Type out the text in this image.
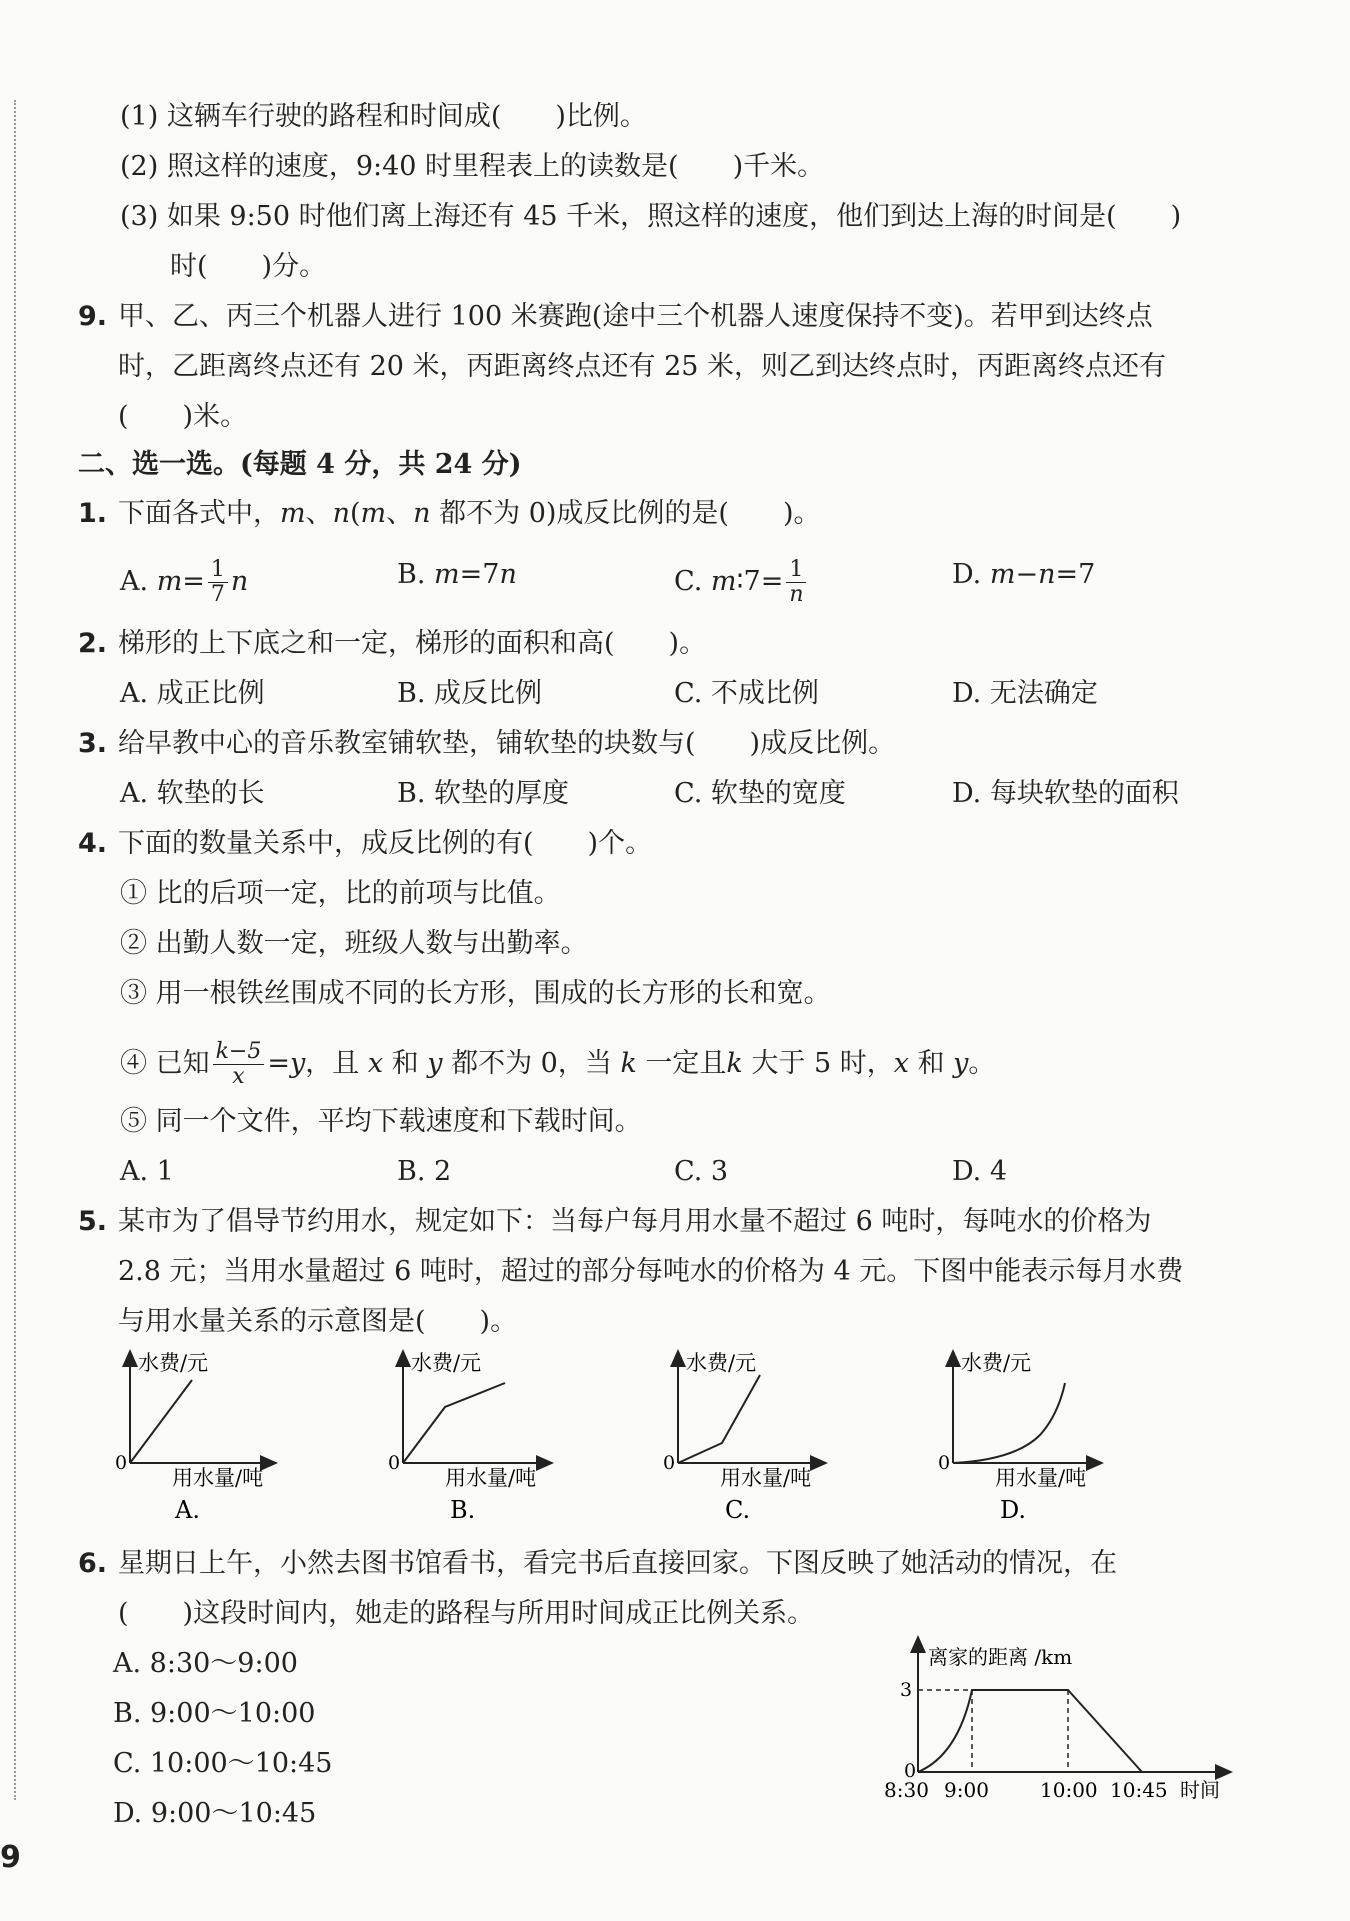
(1) 这辆车行驶的路程和时间成(　　)比例。
(2) 照这样的速度，9:40 时里程表上的读数是(　　)千米。
(3) 如果 9:50 时他们离上海还有 45 千米，照这样的速度，他们到达上海的时间是(　　)
时(　　)分。
9. 甲、乙、丙三个机器人进行 100 米赛跑(途中三个机器人速度保持不变)。若甲到达终点
时，乙距离终点还有 20 米，丙距离终点还有 25 米，则乙到达终点时，丙距离终点还有
(　　)米。
二、选一选。(每题 4 分，共 24 分)
1. 下面各式中，m、n(m、n 都不为 0)成反比例的是(　　)。
A. $m= \frac{1}{7}$ n	B. m=7n	C. m∶7= $\frac{1}{n}$	D. m−n=7
2. 梯形的上下底之和一定，梯形的面积和高(　　)。
A. 成正比例	B. 成反比例	C. 不成比例	D. 无法确定
3. 给早教中心的音乐教室铺软垫，铺软垫的块数与(　　)成反比例。
A. 软垫的长	B. 软垫的厚度	C. 软垫的宽度	D. 每块软垫的面积
4. 下面的数量关系中，成反比例的有(　　)个。
① 比的后项一定，比的前项与比值。
② 出勤人数一定，班级人数与出勤率。
③ 用一根铁丝围成不同的长方形，围成的长方形的长和宽。
④ 已知 $\frac{k-5}{x} =y$，且 x 和 y 都不为 0，当 k 一定且k 大于 5 时，x 和 y。
⑤ 同一个文件，平均下载速度和下载时间。
A. 1	B. 2	C. 3	D. 4
5. 某市为了倡导节约用水，规定如下：当每户每月用水量不超过 6 吨时，每吨水的价格为
2.8 元；当用水量超过 6 吨时，超过的部分每吨水的价格为 4 元。下图中能表示每月水费
与用水量关系的示意图是(　　)。
水费/元
0
用水量/吨
A.
水费/元
0
用水量/吨
B.
水费/元
0
用水量/吨
C.
水费/元
0
用水量/吨
D.
6. 星期日上午，小然去图书馆看书，看完书后直接回家。下图反映了她活动的情况，在
(　　)这段时间内，她走的路程与所用时间成正比例关系。
A. 8:30～9:00
B. 9:00～10:00
C. 10:00～10:45
D. 9:00～10:45
离家的距离 /km
3
0
8:30 9:00	10:00 10:45 时间
9
